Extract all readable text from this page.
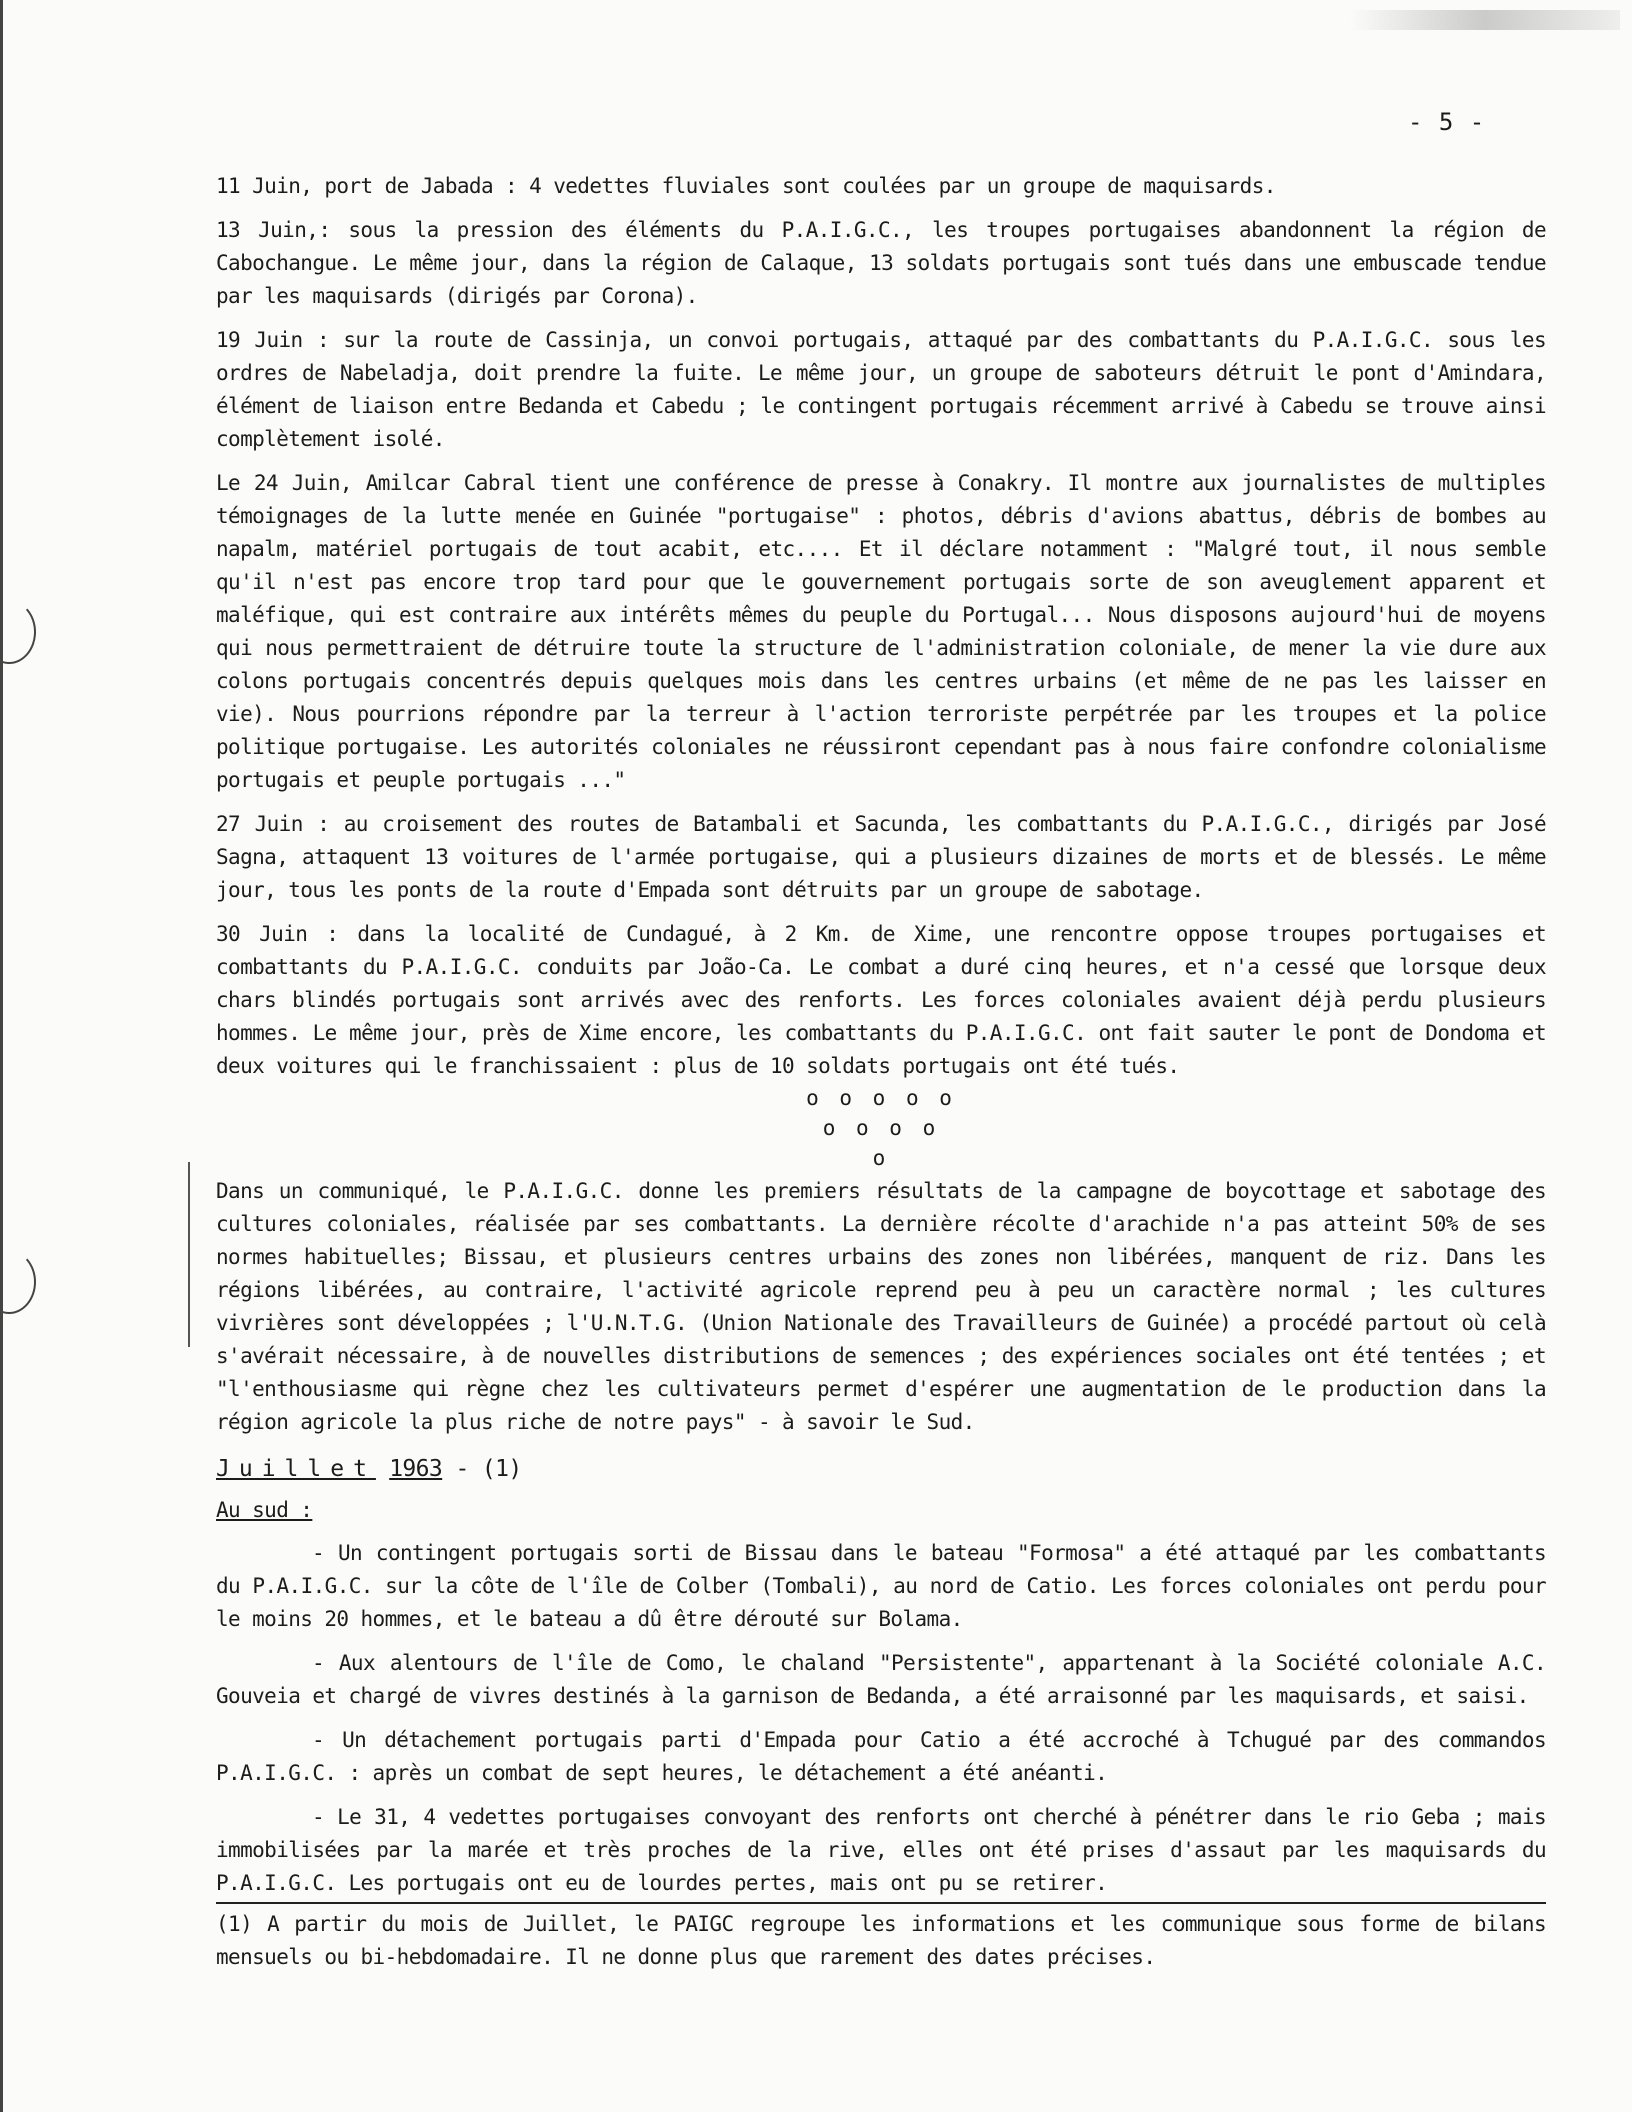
- 5 -

11 Juin, port de Jabada : 4 vedettes fluviales sont coulées par un groupe de maquisards.

13 Juin,: sous la pression des éléments du P.A.I.G.C., les troupes portugaises abandonnent la région de Cabochangue. Le même jour, dans la région de Calaque, 13 soldats portugais sont tués dans une embuscade tendue par les maquisards (dirigés par Corona).

19 Juin : sur la route de Cassinja, un convoi portugais, attaqué par des combattants du P.A.I.G.C. sous les ordres de Nabeladja, doit prendre la fuite. Le même jour, un groupe de saboteurs détruit le pont d'Amindara, élément de liaison entre Bedanda et Cabedu ; le contingent portugais récemment arrivé à Cabedu se trouve ainsi complètement isolé.

Le 24 Juin, Amilcar Cabral tient une conférence de presse à Conakry. Il montre aux journalistes de multiples témoignages de la lutte menée en Guinée "portugaise" : photos, débris d'avions abattus, débris de bombes au napalm, matériel portugais de tout acabit, etc.... Et il déclare notamment : "Malgré tout, il nous semble qu'il n'est pas encore trop tard pour que le gouvernement portugais sorte de son aveuglement apparent et maléfique, qui est contraire aux intérêts mêmes du peuple du Portugal... Nous disposons aujourd'hui de moyens qui nous permettraient de détruire toute la structure de l'administration coloniale, de mener la vie dure aux colons portugais concentrés depuis quelques mois dans les centres urbains (et même de ne pas les laisser en vie). Nous pourrions répondre par la terreur à l'action terroriste perpétrée par les troupes et la police politique portugaise. Les autorités coloniales ne réussiront cependant pas à nous faire confondre colonialisme portugais et peuple portugais ..."

27 Juin : au croisement des routes de Batambali et Sacunda, les combattants du P.A.I.G.C., dirigés par José Sagna, attaquent 13 voitures de l'armée portugaise, qui a plusieurs dizaines de morts et de blessés. Le même jour, tous les ponts de la route d'Empada sont détruits par un groupe de sabotage.

30 Juin : dans la localité de Cundagué, à 2 Km. de Xime, une rencontre oppose troupes portugaises et combattants du P.A.I.G.C. conduits par João-Ca. Le combat a duré cinq heures, et n'a cessé que lorsque deux chars blindés portugais sont arrivés avec des renforts. Les forces coloniales avaient déjà perdu plusieurs hommes. Le même jour, près de Xime encore, les combattants du P.A.I.G.C. ont fait sauter le pont de Dondoma et deux voitures qui le franchissaient : plus de 10 soldats portugais ont été tués.

o o o o o
o o o o
o

Dans un communiqué, le P.A.I.G.C. donne les premiers résultats de la campagne de boycottage et sabotage des cultures coloniales, réalisée par ses combattants. La dernière récolte d'arachide n'a pas atteint 50% de ses normes habituelles; Bissau, et plusieurs centres urbains des zones non libérées, manquent de riz. Dans les régions libérées, au contraire, l'activité agricole reprend peu à peu un caractère normal ; les cultures vivrières sont développées ; l'U.N.T.G. (Union Nationale des Travailleurs de Guinée) a procédé partout où celà s'avérait nécessaire, à de nouvelles distributions de semences ; des expériences sociales ont été tentées ; et "l'enthousiasme qui règne chez les cultivateurs permet d'espérer une augmentation de le production dans la région agricole la plus riche de notre pays" - à savoir le Sud.

Juillet 1963 - (1)
Au sud :

- Un contingent portugais sorti de Bissau dans le bateau "Formosa" a été attaqué par les combattants du P.A.I.G.C. sur la côte de l'île de Colber (Tombali), au nord de Catio. Les forces coloniales ont perdu pour le moins 20 hommes, et le bateau a dû être dérouté sur Bolama.

- Aux alentours de l'île de Como, le chaland "Persistente", appartenant à la Société coloniale A.C. Gouveia et chargé de vivres destinés à la garnison de Bedanda, a été arraisonné par les maquisards, et saisi.

- Un détachement portugais parti d'Empada pour Catio a été accroché à Tchugué par des commandos P.A.I.G.C. : après un combat de sept heures, le détachement a été anéanti.

- Le 31, 4 vedettes portugaises convoyant des renforts ont cherché à pénétrer dans le rio Geba ; mais immobilisées par la marée et très proches de la rive, elles ont été prises d'assaut par les maquisards du P.A.I.G.C. Les portugais ont eu de lourdes pertes, mais ont pu se retirer.

(1) A partir du mois de Juillet, le PAIGC regroupe les informations et les communique sous forme de bilans mensuels ou bi-hebdomadaire. Il ne donne plus que rarement des dates précises.
